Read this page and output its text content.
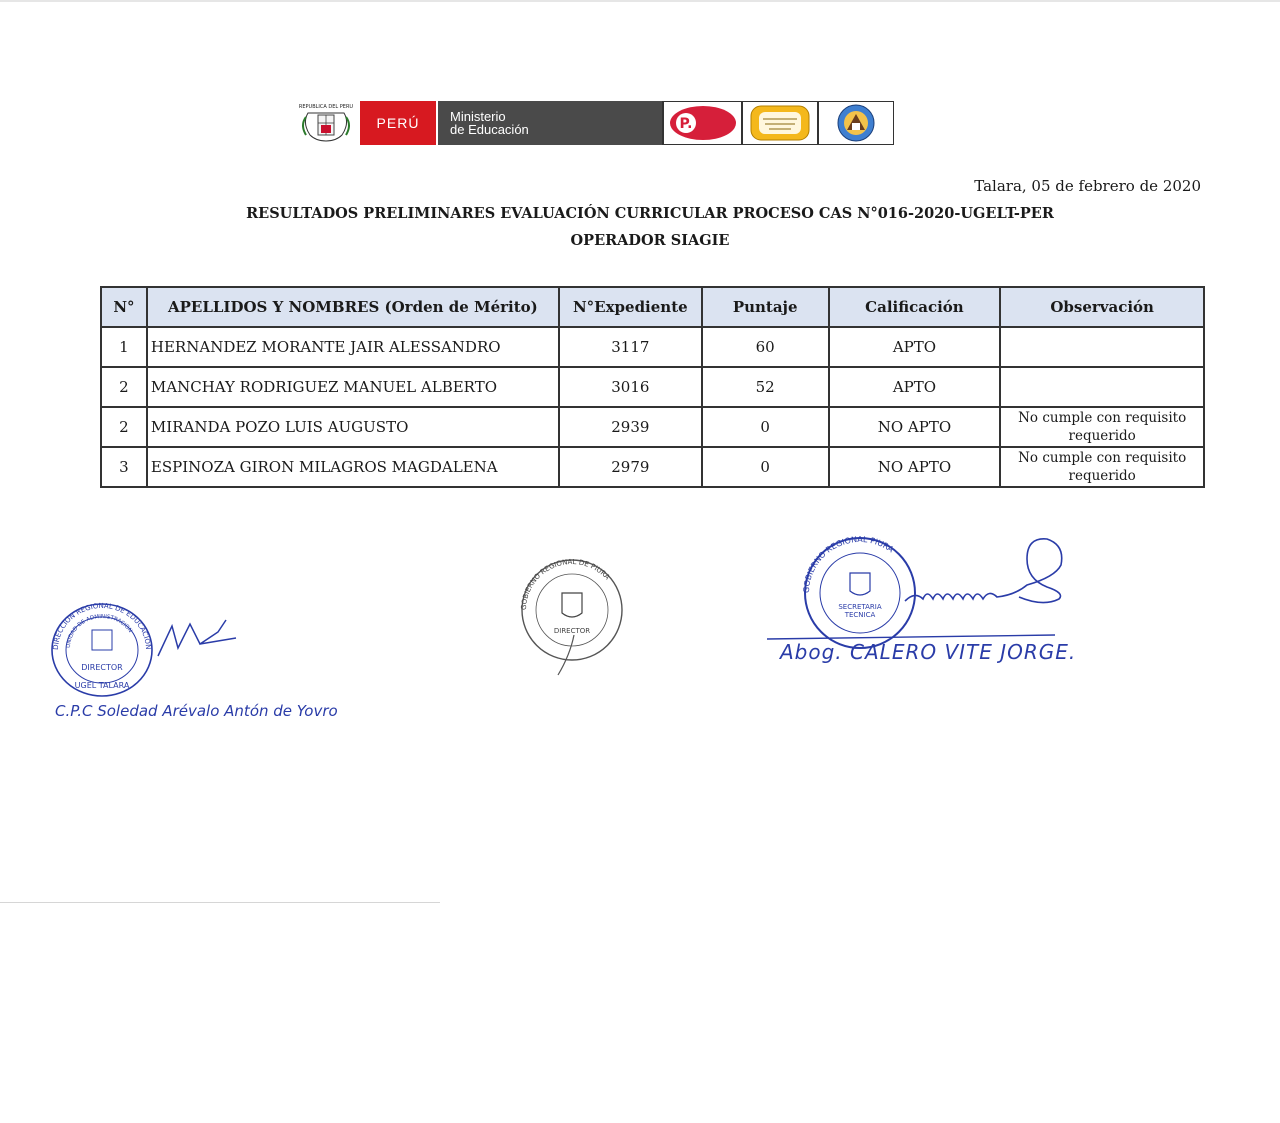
REPUBLICA DEL PERU
PERÚ Ministerio
de Educación	P.
Talara, 05 de febrero de 2020
RESULTADOS PRELIMINARES EVALUACIÓN CURRICULAR PROCESO CAS N°016-2020-UGELT-PER
OPERADOR SIAGIE
N°	APELLIDOS Y NOMBRES (Orden de Mérito)	N°Expediente	Puntaje	Calificación	Observación
1	HERNANDEZ MORANTE JAIR ALESSANDRO	3117	60	APTO	

2	MANCHAY RODRIGUEZ MANUEL ALBERTO	3016	52	APTO	

2	MIRANDA POZO LUIS AUGUSTO	2939	0	NO APTO	No cumple con requisito
requerido
3	ESPINOZA GIRON MILAGROS MAGDALENA	2979	0	NO APTO	No cumple con requisito
requerido
DIRECTOR
UGEL TALARA
DIRECCION REGIONAL DE EDUCACION
UNIDAD DE ADMINISTRACION
C.P.C Soledad Arévalo Antón de Yovro
DIRECTOR
GOBIERNO REGIONAL DE PIURA
SECRETARIA
TECNICA
GOBIERNO REGIONAL PIURA
Abog. CALERO VITE JORGE.
